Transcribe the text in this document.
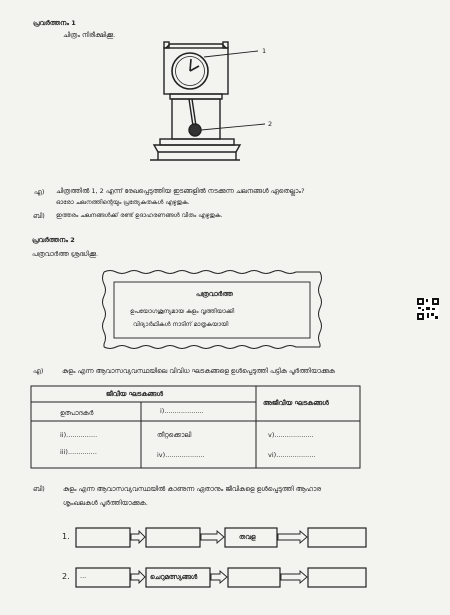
പ്രവർത്തനം 1
ചിത്രം നിരീക്ഷിക്കൂ.
1
2
എ) ചിത്രത്തിൽ 1, 2 എന്ന് രേഖപ്പെടുത്തിയ ഇടങ്ങളിൽ നടക്കുന്ന ചലനങ്ങൾ ഏതെല്ലാം?
ഓരോ ചലനത്തിന്റെയും പ്രത്യേകതകൾ എഴുതുക.
ബി) ഇത്തരം ചലനങ്ങൾക്ക് രണ്ട് ഉദാഹരണങ്ങൾ വീതം എഴുതുക.
പ്രവർത്തനം 2
പത്രവാർത്ത ശ്രദ്ധിക്കൂ.
പത്രവാർത്ത
ഉപയോഗശൂന്യമായ കുളം വൃത്തിയാക്കി
വിദ്യാർഥികൾ നാടിന് മാതൃകയായി
എ)	കുളം എന്ന ആവാസവ്യവസ്ഥയിലെ വിവിധ ഘടകങ്ങളെ ഉൾപ്പെടുത്തി പട്ടിക പൂർത്തിയാക്കുക
ജീവീയ ഘടകങ്ങൾ
അജീവീയ ഘടകങ്ങൾ
ഉത്പാദകർ	i)...................
ii)...............	തീറ്റക്കൊലി	v)...................
iii)..............	iv)...................	vi)...................
ബി)	കുളം എന്ന ആവാസവ്യവസ്ഥയിൽ കാണുന്ന ഏതാനും ജീവികളെ ഉൾപ്പെടുത്തി ആഹാര
ശൃംഖലകൾ പൂർത്തിയാക്കുക.
1.	തവള
2. ...	ചെറുമത്സ്യങ്ങൾ
